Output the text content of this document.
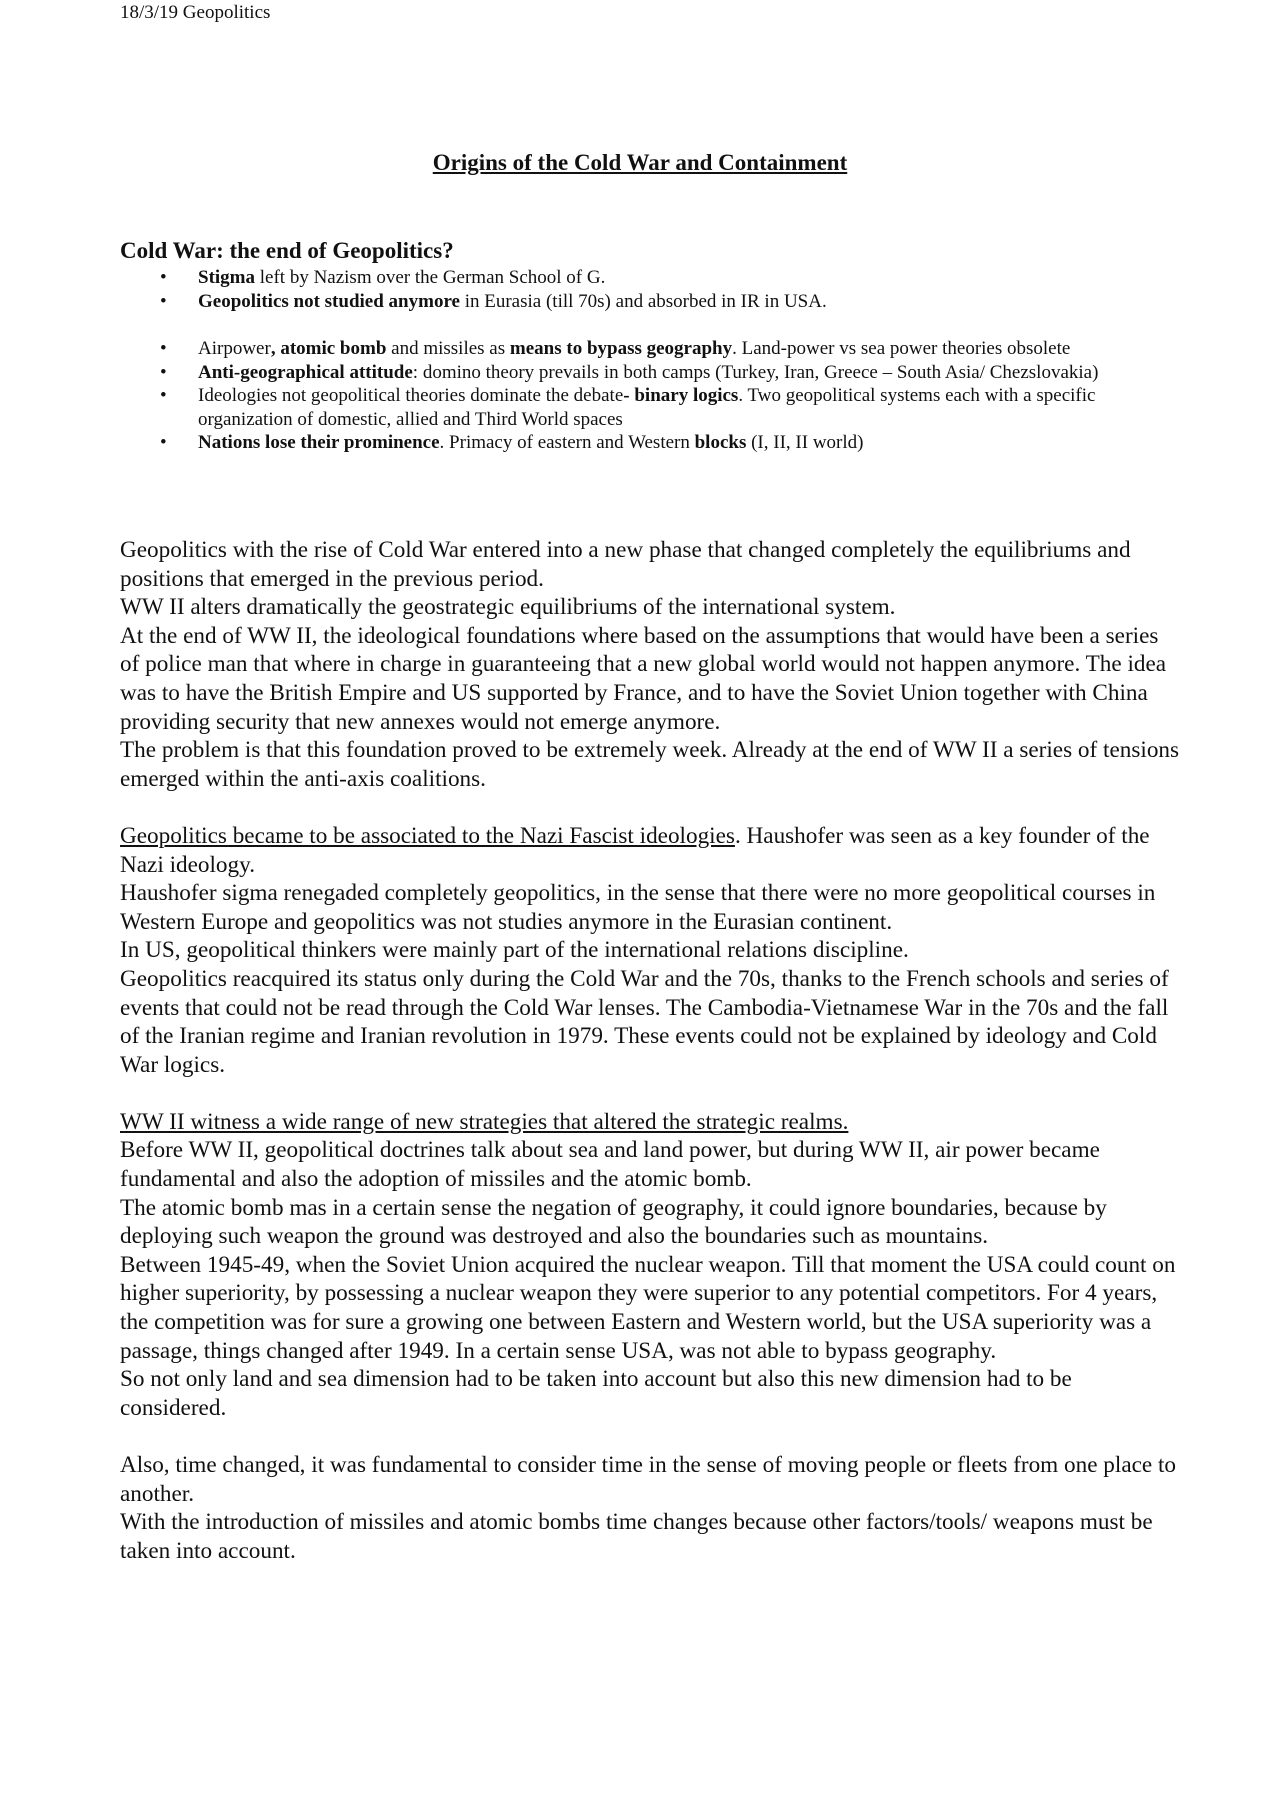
18/3/19 Geopolitics
Origins of the Cold War and Containment
Cold War: the end of Geopolitics?
• Stigma left by Nazism over the German School of G.
• Geopolitics not studied anymore in Eurasia (till 70s) and absorbed in IR in USA.
• Airpower, atomic bomb and missiles as means to bypass geography. Land-power vs sea power theories obsolete
• Anti-geographical attitude: domino theory prevails in both camps (Turkey, Iran, Greece – South Asia/ Chezslovakia)
• Ideologies not geopolitical theories dominate the debate- binary logics. Two geopolitical systems each with a specific organization of domestic, allied and Third World spaces
• Nations lose their prominence. Primacy of eastern and Western blocks (I, II, II world)

Geopolitics with the rise of Cold War entered into a new phase that changed completely the equilibriums and positions that emerged in the previous period.

WW II alters dramatically the geostrategic equilibriums of the international system.

At the end of WW II, the ideological foundations where based on the assumptions that would have been a series of police man that where in charge in guaranteeing that a new global world would not happen anymore. The idea was to have the British Empire and US supported by France, and to have the Soviet Union together with China providing security that new annexes would not emerge anymore.

The problem is that this foundation proved to be extremely week. Already at the end of WW II a series of tensions emerged within the anti-axis coalitions.

Geopolitics became to be associated to the Nazi Fascist ideologies. Haushofer was seen as a key founder of the Nazi ideology.

Haushofer sigma renegaded completely geopolitics, in the sense that there were no more geopolitical courses in Western Europe and geopolitics was not studies anymore in the Eurasian continent.

In US, geopolitical thinkers were mainly part of the international relations discipline.

Geopolitics reacquired its status only during the Cold War and the 70s, thanks to the French schools and series of events that could not be read through the Cold War lenses. The Cambodia-Vietnamese War in the 70s and the fall of the Iranian regime and Iranian revolution in 1979. These events could not be explained by ideology and Cold War logics.

WW II witness a wide range of new strategies that altered the strategic realms.

Before WW II, geopolitical doctrines talk about sea and land power, but during WW II, air power became fundamental and also the adoption of missiles and the atomic bomb.

The atomic bomb mas in a certain sense the negation of geography, it could ignore boundaries, because by deploying such weapon the ground was destroyed and also the boundaries such as mountains.

Between 1945-49, when the Soviet Union acquired the nuclear weapon. Till that moment the USA could count on higher superiority, by possessing a nuclear weapon they were superior to any potential competitors. For 4 years, the competition was for sure a growing one between Eastern and Western world, but the USA superiority was a passage, things changed after 1949. In a certain sense USA, was not able to bypass geography.

So not only land and sea dimension had to be taken into account but also this new dimension had to be considered.

Also, time changed, it was fundamental to consider time in the sense of moving people or fleets from one place to another.

With the introduction of missiles and atomic bombs time changes because other factors/tools/ weapons must be taken into account.
